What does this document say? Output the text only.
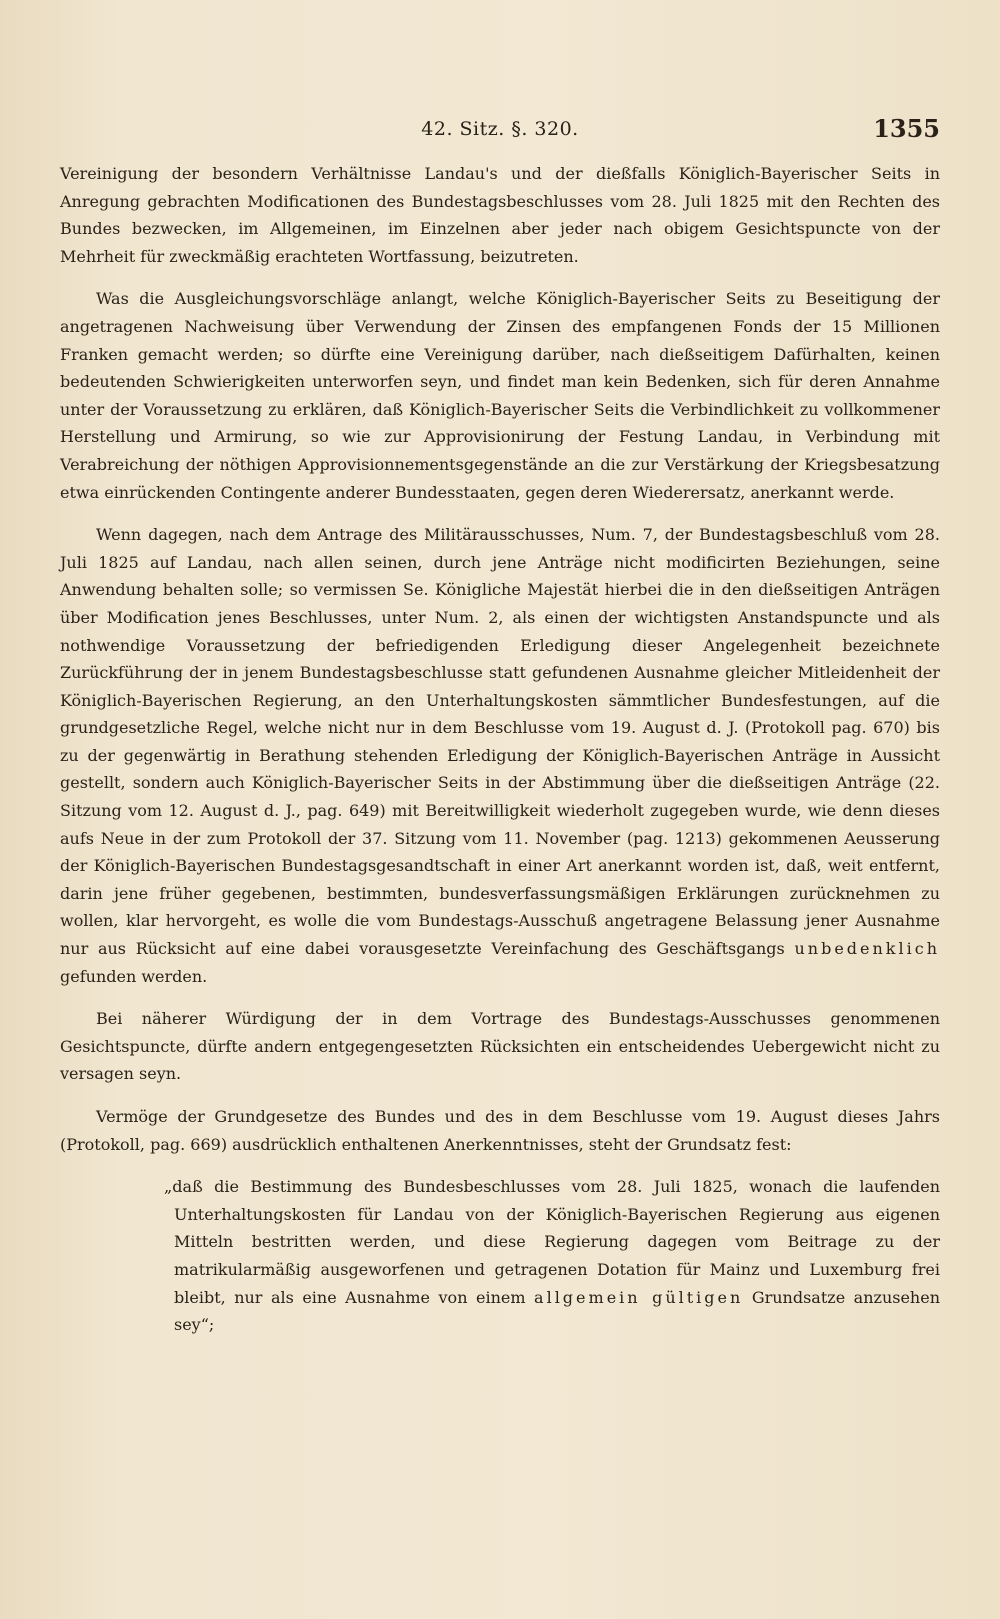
42. Sitz. §. 320.	1355

Vereinigung der besondern Verhältnisse Landau's und der dießfalls Königlich-Bayerischer Seits in Anregung gebrachten Modificationen des Bundestagsbeschlusses vom 28. Juli 1825 mit den Rechten des Bundes bezwecken, im Allgemeinen, im Einzelnen aber jeder nach obigem Gesichtspuncte von der Mehrheit für zweckmäßig erachteten Wortfassung, beizutreten.

Was die Ausgleichungsvorschläge anlangt, welche Königlich-Bayerischer Seits zu Beseitigung der angetragenen Nachweisung über Verwendung der Zinsen des empfangenen Fonds der 15 Millionen Franken gemacht werden; so dürfte eine Vereinigung darüber, nach dießseitigem Dafürhalten, keinen bedeutenden Schwierigkeiten unterworfen seyn, und findet man kein Bedenken, sich für deren Annahme unter der Voraussetzung zu erklären, daß Königlich-Bayerischer Seits die Verbindlichkeit zu vollkommener Herstellung und Armirung, so wie zur Approvisionirung der Festung Landau, in Verbindung mit Verabreichung der nöthigen Approvisionnementsgegenstände an die zur Verstärkung der Kriegsbesatzung etwa einrückenden Contingente anderer Bundesstaaten, gegen deren Wiederersatz, anerkannt werde.

Wenn dagegen, nach dem Antrage des Militärausschusses, Num. 7, der Bundestagsbeschluß vom 28. Juli 1825 auf Landau, nach allen seinen, durch jene Anträge nicht modificirten Beziehungen, seine Anwendung behalten solle; so vermissen Se. Königliche Majestät hierbei die in den dießseitigen Anträgen über Modification jenes Beschlusses, unter Num. 2, als einen der wichtigsten Anstandspuncte und als nothwendige Voraussetzung der befriedigenden Erledigung dieser Angelegenheit bezeichnete Zurückführung der in jenem Bundestagsbeschlusse statt gefundenen Ausnahme gleicher Mitleidenheit der Königlich-Bayerischen Regierung, an den Unterhaltungskosten sämmtlicher Bundesfestungen, auf die grundgesetzliche Regel, welche nicht nur in dem Beschlusse vom 19. August d. J. (Protokoll pag. 670) bis zu der gegenwärtig in Berathung stehenden Erledigung der Königlich-Bayerischen Anträge in Aussicht gestellt, sondern auch Königlich-Bayerischer Seits in der Abstimmung über die dießseitigen Anträge (22. Sitzung vom 12. August d. J., pag. 649) mit Bereitwilligkeit wiederholt zugegeben wurde, wie denn dieses aufs Neue in der zum Protokoll der 37. Sitzung vom 11. November (pag. 1213) gekommenen Aeusserung der Königlich-Bayerischen Bundestagsgesandtschaft in einer Art anerkannt worden ist, daß, weit entfernt, darin jene früher gegebenen, bestimmten, bundesverfassungsmäßigen Erklärungen zurücknehmen zu wollen, klar hervorgeht, es wolle die vom Bundestags-Ausschuß angetragene Belassung jener Ausnahme nur aus Rücksicht auf eine dabei vorausgesetzte Vereinfachung des Geschäftsgangs unbedenklich gefunden werden.

Bei näherer Würdigung der in dem Vortrage des Bundestags-Ausschusses genommenen Gesichtspuncte, dürfte andern entgegengesetzten Rücksichten ein entscheidendes Uebergewicht nicht zu versagen seyn.

Vermöge der Grundgesetze des Bundes und des in dem Beschlusse vom 19. August dieses Jahrs (Protokoll, pag. 669) ausdrücklich enthaltenen Anerkenntnisses, steht der Grundsatz fest:

„daß die Bestimmung des Bundesbeschlusses vom 28. Juli 1825, wonach die laufenden Unterhaltungskosten für Landau von der Königlich-Bayerischen Regierung aus eigenen Mitteln bestritten werden, und diese Regierung dagegen vom Beitrage zu der matrikularmäßig ausgeworfenen und getragenen Dotation für Mainz und Luxemburg frei bleibt, nur als eine Ausnahme von einem allgemein gültigen Grundsatze anzusehen sey“;
